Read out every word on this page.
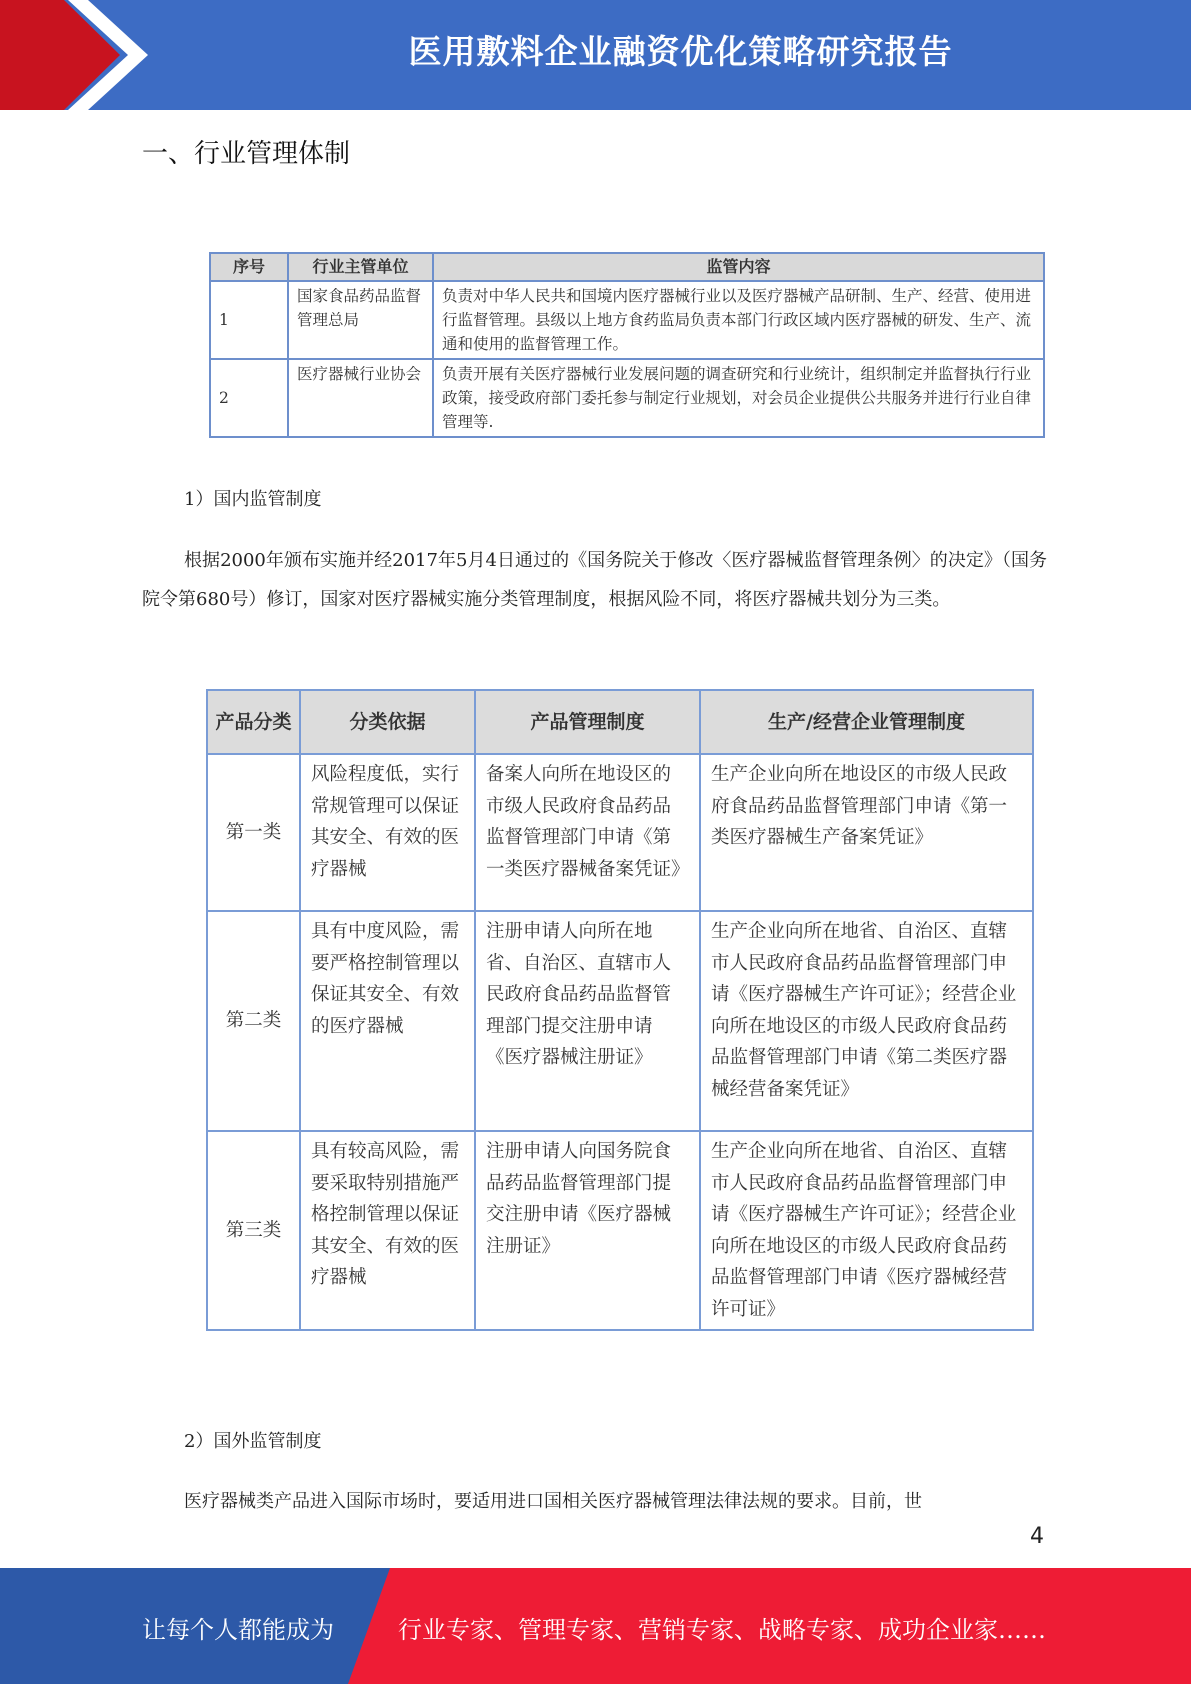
医用敷料企业融资优化策略研究报告
一、行业管理体制
序号	行业主管单位	监管内容
1	国家食品药品监督管理总局	负责对中华人民共和国境内医疗器械行业以及医疗器械产品研制、生产、经营、使用进行监督管理。县级以上地方食药监局负责本部门行政区域内医疗器械的研发、生产、流通和使用的监督管理工作。
2	医疗器械行业协会	负责开展有关医疗器械行业发展问题的调查研究和行业统计，组织制定并监督执行行业政策，接受政府部门委托参与制定行业规划，对会员企业提供公共服务并进行行业自律管理等.
1）国内监管制度
根据2000年颁布实施并经2017年5月4日通过的《国务院关于修改〈医疗器械监督管理条例〉的决定》（国务院令第680号）修订，国家对医疗器械实施分类管理制度，根据风险不同，将医疗器械共划分为三类。
产品分类	分类依据	产品管理制度	生产/经营企业管理制度
第一类	风险程度低，实行常规管理可以保证其安全、有效的医疗器械	备案人向所在地设区的市级人民政府食品药品监督管理部门申请《第一类医疗器械备案凭证》	生产企业向所在地设区的市级人民政府食品药品监督管理部门申请《第一类医疗器械生产备案凭证》
第二类	具有中度风险，需要严格控制管理以保证其安全、有效的医疗器械	注册申请人向所在地省、自治区、直辖市人民政府食品药品监督管理部门提交注册申请《医疗器械注册证》	生产企业向所在地省、自治区、直辖市人民政府食品药品监督管理部门申请《医疗器械生产许可证》；经营企业向所在地设区的市级人民政府食品药品监督管理部门申请《第二类医疗器械经营备案凭证》
第三类	具有较高风险，需要采取特别措施严格控制管理以保证其安全、有效的医疗器械	注册申请人向国务院食品药品监督管理部门提交注册申请《医疗器械注册证》	生产企业向所在地省、自治区、直辖市人民政府食品药品监督管理部门申请《医疗器械生产许可证》；经营企业向所在地设区的市级人民政府食品药品监督管理部门申请《医疗器械经营许可证》
2）国外监管制度
医疗器械类产品进入国际市场时，要适用进口国相关医疗器械管理法律法规的要求。目前，世
4
让每个人都能成为	行业专家、管理专家、营销专家、战略专家、成功企业家……
